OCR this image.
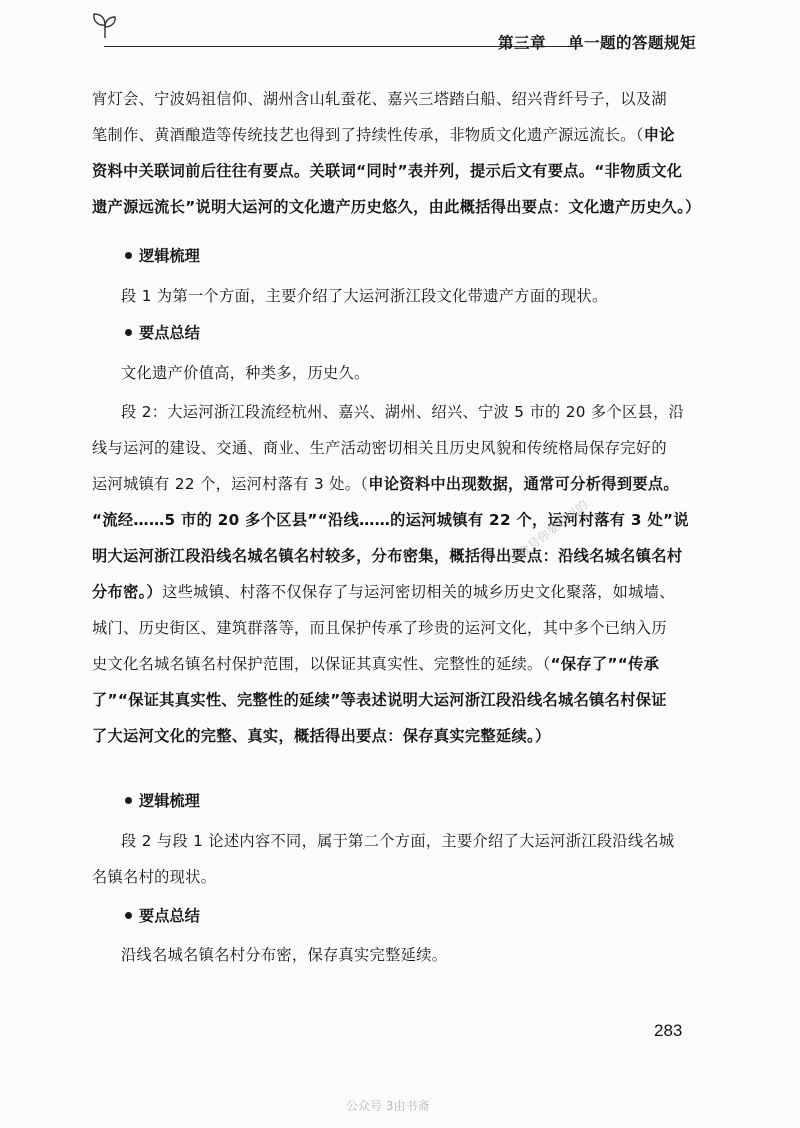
第三章 单一题的答题规矩
宵灯会、宁波妈祖信仰、湖州含山轧蚕花、嘉兴三塔踏白船、绍兴背纤号子，以及湖
笔制作、黄酒酿造等传统技艺也得到了持续性传承，非物质文化遗产源远流长。（申论
资料中关联词前后往往有要点。关联词“同时”表并列，提示后文有要点。“非物质文化
遗产源远流长”说明大运河的文化遗产历史悠久，由此概括得出要点：文化遗产历史久。）
逻辑梳理
段 1 为第一个方面，主要介绍了大运河浙江段文化带遗产方面的现状。
要点总结
文化遗产价值高，种类多，历史久。
段 2：大运河浙江段流经杭州、嘉兴、湖州、绍兴、宁波 5 市的 20 多个区县，沿
线与运河的建设、交通、商业、生产活动密切相关且历史风貌和传统格局保存完好的
运河城镇有 22 个，运河村落有 3 处。（申论资料中出现数据，通常可分析得到要点。
“流经……5 市的 20 多个区县”“沿线……的运河城镇有 22 个，运河村落有 3 处”说
明大运河浙江段沿线名城名镇名村较多，分布密集，概括得出要点：沿线名城名镇名村
分布密。）这些城镇、村落不仅保存了与运河密切相关的城乡历史文化聚落，如城墙、
城门、历史街区、建筑群落等，而且保护传承了珍贵的运河文化，其中多个已纳入历
史文化名城名镇名村保护范围，以保证其真实性、完整性的延续。（“保存了”“传承
了”“保证其真实性、完整性的延续”等表述说明大运河浙江段沿线名城名镇名村保证
了大运河文化的完整、真实，概括得出要点：保存真实完整延续。）
逻辑梳理
段 2 与段 1 论述内容不同，属于第二个方面，主要介绍了大运河浙江段沿线名城
名镇名村的现状。
要点总结
沿线名城名镇名村分布密，保存真实完整延续。
公众号你要可以的
283
公众号 3由书斋
